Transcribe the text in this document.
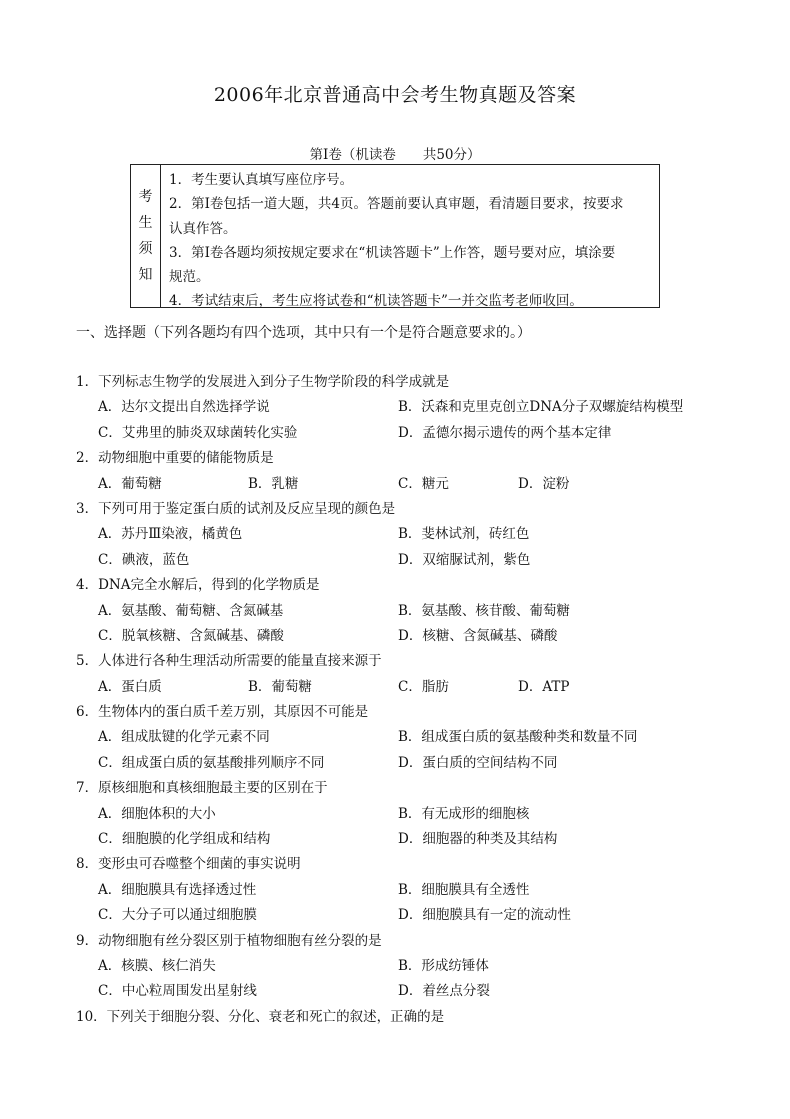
2006年北京普通高中会考生物真题及答案
第Ⅰ卷（机读卷　　共50分）
考
生
须
知
1．考生要认真填写座位序号。
2．第Ⅰ卷包括一道大题，共4页。答题前要认真审题，看清题目要求，按要求
认真作答。
3．第Ⅰ卷各题均须按规定要求在“机读答题卡”上作答，题号要对应，填涂要
规范。
4．考试结束后，考生应将试卷和“机读答题卡”一并交监考老师收回。
一、选择题（下列各题均有四个选项，其中只有一个是符合题意要求的。）
1．下列标志生物学的发展进入到分子生物学阶段的科学成就是
A．达尔文提出自然选择学说	B．沃森和克里克创立DNA分子双螺旋结构模型
C．艾弗里的肺炎双球菌转化实验	D．孟德尔揭示遗传的两个基本定律
2．动物细胞中重要的储能物质是
A．葡萄糖	B．乳糖	C．糖元	D．淀粉
3．下列可用于鉴定蛋白质的试剂及反应呈现的颜色是
A．苏丹Ⅲ染液，橘黄色	B．斐林试剂，砖红色
C．碘液，蓝色	D．双缩脲试剂，紫色
4．DNA完全水解后，得到的化学物质是
A．氨基酸、葡萄糖、含氮碱基	B．氨基酸、核苷酸、葡萄糖
C．脱氧核糖、含氮碱基、磷酸	D．核糖、含氮碱基、磷酸
5．人体进行各种生理活动所需要的能量直接来源于
A．蛋白质	B．葡萄糖	C．脂肪	D．ATP
6．生物体内的蛋白质千差万别，其原因不可能是
A．组成肽键的化学元素不同	B．组成蛋白质的氨基酸种类和数量不同
C．组成蛋白质的氨基酸排列顺序不同	D．蛋白质的空间结构不同
7．原核细胞和真核细胞最主要的区别在于
A．细胞体积的大小	B．有无成形的细胞核
C．细胞膜的化学组成和结构	D．细胞器的种类及其结构
8．变形虫可吞噬整个细菌的事实说明
A．细胞膜具有选择透过性	B．细胞膜具有全透性
C．大分子可以通过细胞膜	D．细胞膜具有一定的流动性
9．动物细胞有丝分裂区别于植物细胞有丝分裂的是
A．核膜、核仁消失	B．形成纺锤体
C．中心粒周围发出星射线	D．着丝点分裂
10．下列关于细胞分裂、分化、衰老和死亡的叙述，正确的是
